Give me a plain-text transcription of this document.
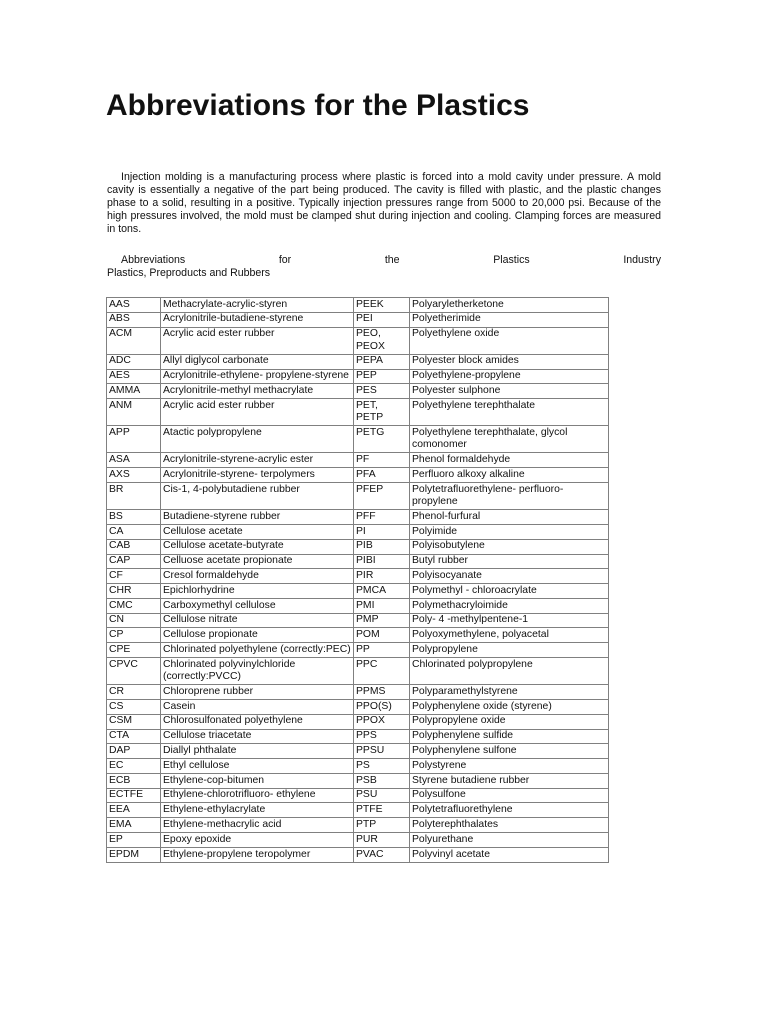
Abbreviations for the Plastics

Injection molding is a manufacturing process where plastic is forced into a mold cavity under pressure. A mold cavity is essentially a negative of the part being produced. The cavity is filled with plastic, and the plastic changes phase to a solid, resulting in a positive. Typically injection pressures range from 5000 to 20,000 psi. Because of the high pressures involved, the mold must be clamped shut during injection and cooling. Clamping forces are measured in tons.

Abbreviations	for	the	Plastics	Industry
Plastics, Preproducts and Rubbers
AAS	Methacrylate-acrylic-styren	PEEK	Polyaryletherketone
ABS	Acrylonitrile-butadiene-styrene	PEI	Polyetherimide
ACM	Acrylic acid ester rubber	PEO, PEOX	Polyethylene oxide
ADC	Allyl diglycol carbonate	PEPA	Polyester block amides
AES	Acrylonitrile-ethylene- propylene-styrene	PEP	Polyethylene-propylene
AMMA	Acrylonitrile-methyl methacrylate	PES	Polyester sulphone
ANM	Acrylic acid ester rubber	PET, PETP	Polyethylene terephthalate
APP	Atactic polypropylene	PETG	Polyethylene terephthalate, glycol comonomer
ASA	Acrylonitrile-styrene-acrylic ester	PF	Phenol formaldehyde
AXS	Acrylonitrile-styrene- terpolymers	PFA	Perfluoro alkoxy alkaline
BR	Cis-1, 4-polybutadiene rubber	PFEP	Polytetrafluorethylene- perfluoro-propylene
BS	Butadiene-styrene rubber	PFF	Phenol-furfural
CA	Cellulose acetate	PI	Polyimide
CAB	Cellulose acetate-butyrate	PIB	Polyisobutylene
CAP	Celluose acetate propionate	PIBI	Butyl rubber
CF	Cresol formaldehyde	PIR	Polyisocyanate
CHR	Epichlorhydrine	PMCA	Polymethyl - chloroacrylate
CMC	Carboxymethyl cellulose	PMI	Polymethacryloimide
CN	Cellulose nitrate	PMP	Poly- 4 -methylpentene-1
CP	Cellulose propionate	POM	Polyoxymethylene, polyacetal
CPE	Chlorinated polyethylene (correctly:PEC)	PP	Polypropylene
CPVC	Chlorinated polyvinylchloride (correctly:PVCC)	PPC	Chlorinated polypropylene
CR	Chloroprene rubber	PPMS	Polyparamethylstyrene
CS	Casein	PPO(S)	Polyphenylene oxide (styrene)
CSM	Chlorosulfonated polyethylene	PPOX	Polypropylene oxide
CTA	Cellulose triacetate	PPS	Polyphenylene sulfide
DAP	Diallyl phthalate	PPSU	Polyphenylene sulfone
EC	Ethyl cellulose	PS	Polystyrene
ECB	Ethylene-cop-bitumen	PSB	Styrene butadiene rubber
ECTFE	Ethylene-chlorotrifluoro- ethylene	PSU	Polysulfone
EEA	Ethylene-ethylacrylate	PTFE	Polytetrafluorethylene
EMA	Ethylene-methacrylic acid	PTP	Polyterephthalates
EP	Epoxy epoxide	PUR	Polyurethane
EPDM	Ethylene-propylene teropolymer	PVAC	Polyvinyl acetate
